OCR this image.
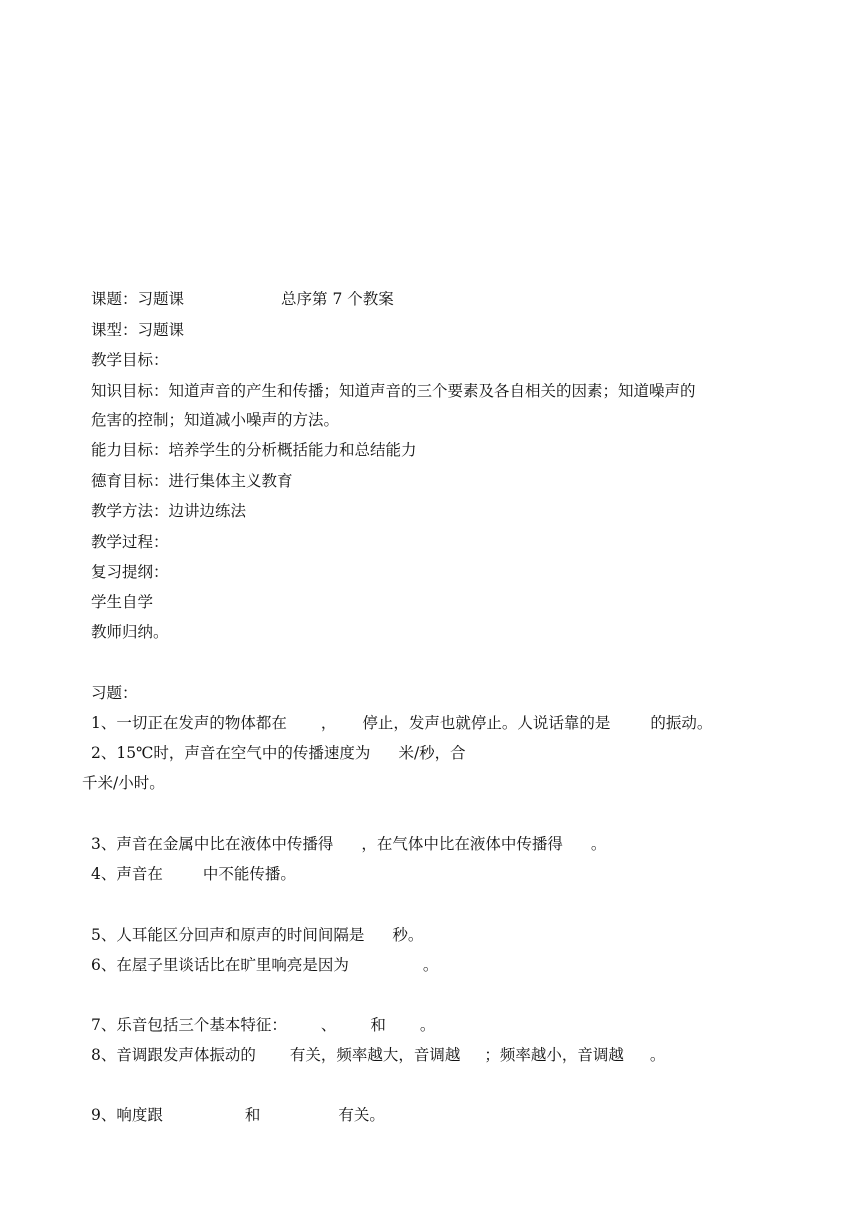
课题：习题课	总序第 7 个教案
课型：习题课
教学目标：
知识目标：知道声音的产生和传播；知道声音的三个要素及各自相关的因素；知道噪声的
危害的控制；知道减小噪声的方法。
能力目标：培养学生的分析概括能力和总结能力
德育目标：进行集体主义教育
教学方法：边讲边练法
教学过程：
复习提纲：
学生自学
教师归纳。
习题：
1、一切正在发声的物体都在 ， 停止，发声也就停止。人说话靠的是	的振动。
2、15℃时，声音在空气中的传播速度为 米/秒，合
千米/小时。
3、声音在金属中比在液体中传播得 ，在气体中比在液体中传播得 。
4、声音在	中不能传播。
5、人耳能区分回声和原声的时间间隔是 秒。
6、在屋子里谈话比在旷里响亮是因为	。
7、乐音包括三个基本特征： 、 和 。
8、音调跟发声体振动的 有关，频率越大，音调越 ；频率越小，音调越 。
9、响度跟	和	有关。
